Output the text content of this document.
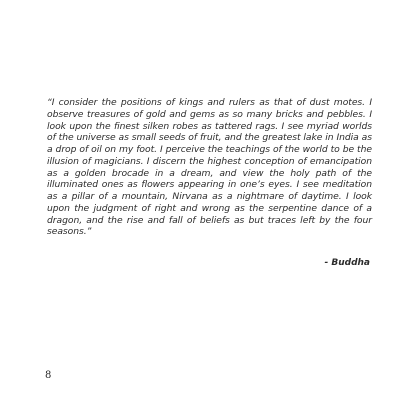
“I consider the positions of kings and rulers as that of dust motes. I observe treasures of gold and gems as so many bricks and pebbles. I look upon the finest silken robes as tattered rags. I see myriad worlds of the universe as small seeds of fruit, and the greatest lake in India as a drop of oil on my foot. I perceive the teachings of the world to be the illusion of magicians. I discern the highest conception of emancipation as a golden brocade in a dream, and view the holy path of the illuminated ones as flowers appearing in one’s eyes. I see meditation as a pillar of a mountain, Nirvana as a nightmare of daytime. I look upon the judgment of right and wrong as the serpentine dance of a dragon, and the rise and fall of beliefs as but traces left by the four seasons.”

- Buddha

8
